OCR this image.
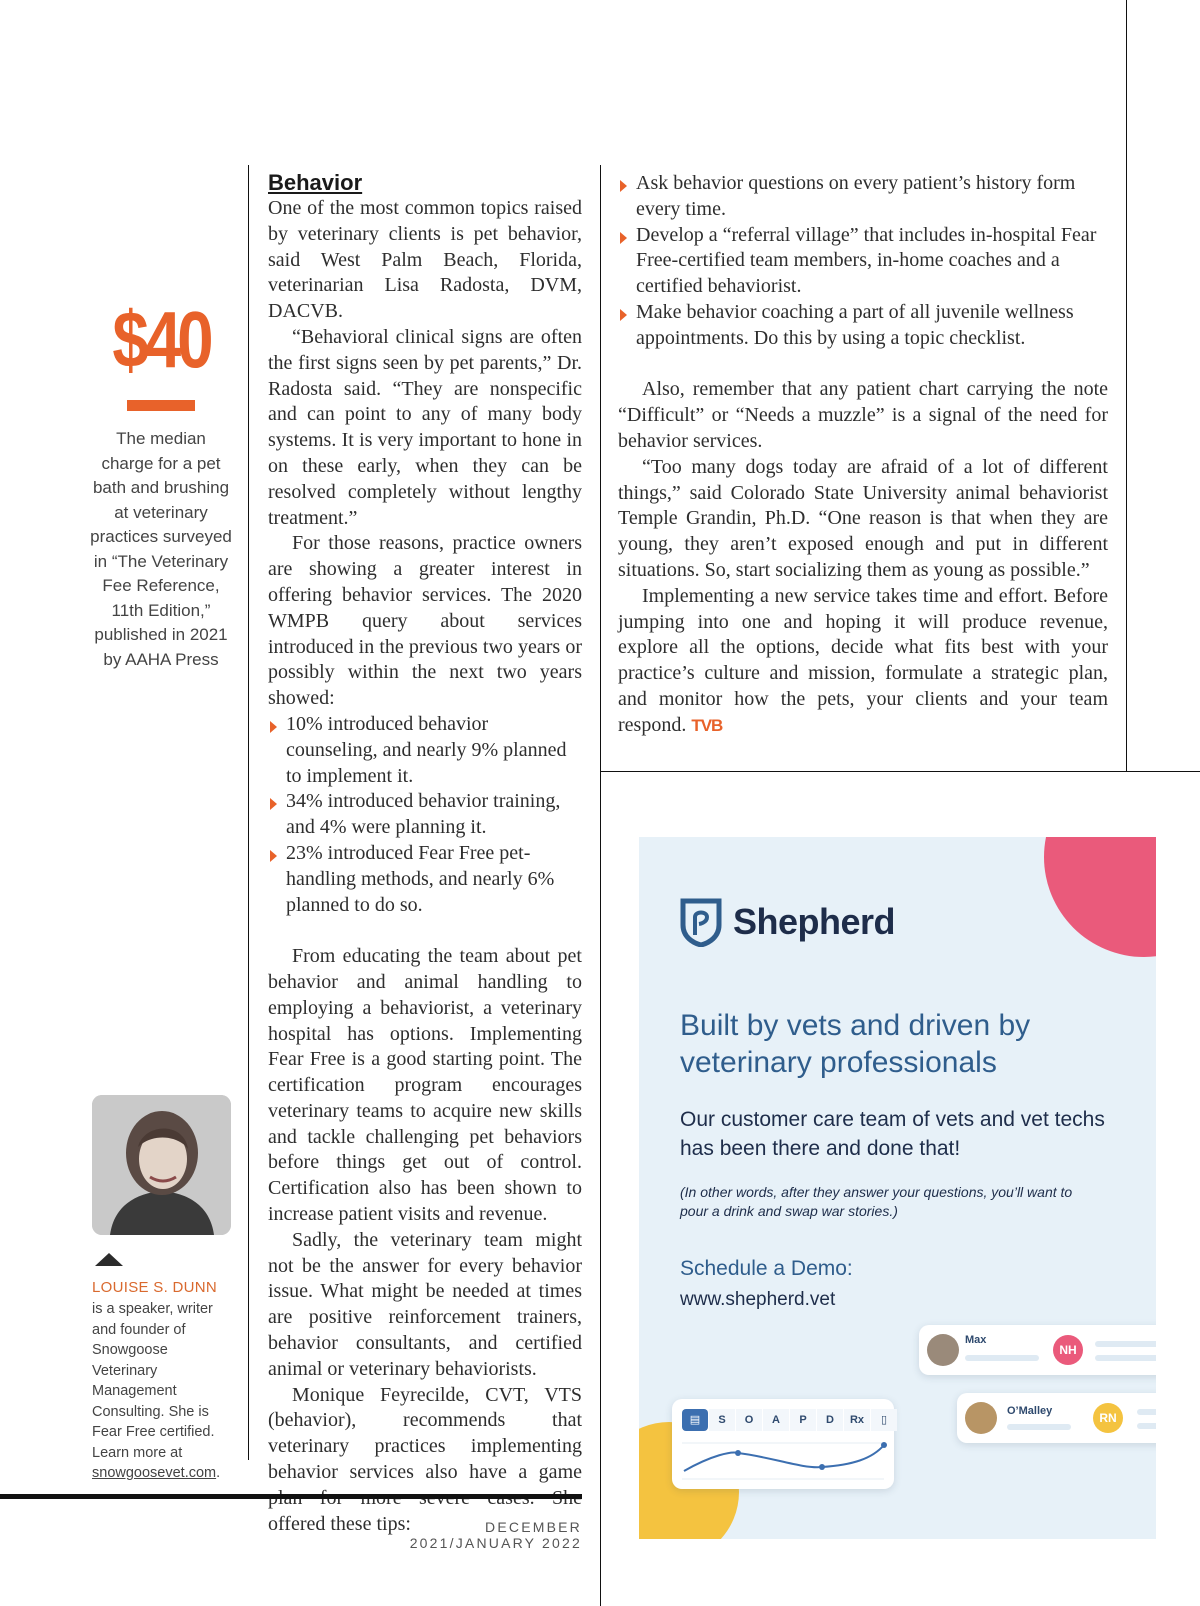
$40

The median charge for a pet bath and brushing at veterinary practices surveyed in “The Veterinary Fee Reference, 11th Edition,” published in 2021 by AAHA Press

LOUISE S. DUNN

is a speaker, writer and founder of Snowgoose Veterinary Management Consulting. She is Fear Free certified. Learn more at snowgoosevet.com.

Behavior

One of the most common topics raised by veterinary clients is pet behavior, said West Palm Beach, Florida, veterinarian Lisa Radosta, DVM, DACVB.

“Behavioral clinical signs are often the first signs seen by pet parents,” Dr. Radosta said. “They are nonspecific and can point to any of many body systems. It is very important to hone in on these early, when they can be resolved completely without lengthy treatment.”

For those reasons, practice owners are showing a greater interest in offering behavior services. The 2020 WMPB query about services introduced in the previous two years or possibly within the next two years showed:

10% introduced behavior counseling, and nearly 9% planned to implement it.
34% introduced behavior training, and 4% were planning it.
23% introduced Fear Free pet-handling methods, and nearly 6% planned to do so.

From educating the team about pet behavior and animal handling to employing a behaviorist, a veterinary hospital has options. Implementing Fear Free is a good starting point. The certification program encourages veterinary teams to acquire new skills and tackle challenging pet behaviors before things get out of control. Certification also has been shown to increase patient visits and revenue.

Sadly, the veterinary team might not be the answer for every behavior issue. What might be needed at times are positive reinforcement trainers, behavior consultants, and certified animal or veterinary behaviorists.

Monique Feyrecilde, CVT, VTS (behavior), recommends that veterinary practices implementing behavior services also have a game offered these tips:

Ask behavior questions on every patient’s history form every time.
Develop a “referral village” that includes in-hospital Fear Free-certified team members, in-home coaches and a certified behaviorist.
Make behavior coaching a part of all juvenile wellness appointments. Do this by using a topic checklist.

Also, remember that any patient chart carrying the note “Difficult” or “Needs a muzzle” is a signal of the need for behavior services.

“Too many dogs today are afraid of a lot of different things,” said Colorado State University animal behaviorist Temple Grandin, Ph.D. “One reason is that when they are young, they aren’t exposed enough and put in different situations. So, start socializing them as young as possible.”

Implementing a new service takes time and effort. Before jumping into one and hoping it will produce revenue, explore all the options, decide what fits best with your practice’s culture and mission, formulate a strategic plan, and monitor how the pets, your clients and your team respond. TVB

DECEMBER 2021/JANUARY 2022
Shepherd
Built by vets and driven by veterinary professionals

Our customer care team of vets and vet techs has been there and done that!

(In other words, after they answer your questions, you’ll want to pour a drink and swap war stories.)

Schedule a Demo:
www.shepherd.vet
Max
NH
O’Malley	RN
▤	S	O	A	P	D	Rx	▯
